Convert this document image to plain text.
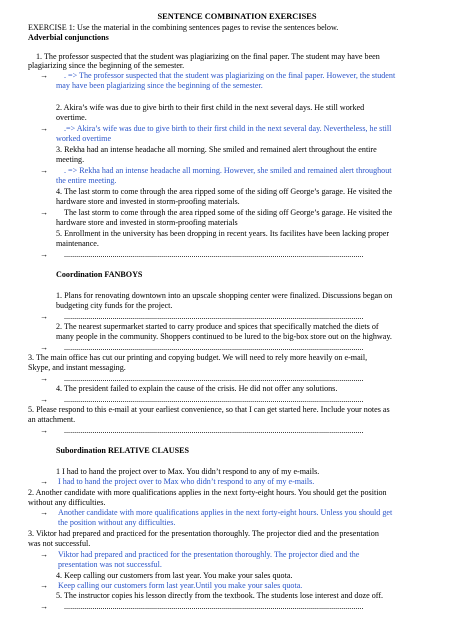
SENTENCE COMBINATION EXERCISES
EXERCISE 1: Use the material in the combining sentences pages to revise the sentences below.
Adverbial conjunctions
1. The professor suspected that the student was plagiarizing on the final paper. The student may have been
plagiarizing since the beginning of the semester.
→ . => The professor suspected that the student was plagiarizing on the final paper. However, the student
may have been plagiarizing since the beginning of the semester.
2. Akira’s wife was due to give birth to their first child in the next several days. He still worked
overtime.
→ .=> Akira’s wife was due to give birth to their first child in the next several day. Nevertheless, he still
worked overtime
3. Rekha had an intense headache all morning. She smiled and remained alert throughout the entire
meeting.
→ . => Rekha had an intense headache all morning. However, she smiled and remained alert throughout
the entire meeting.
4. The last storm to come through the area ripped some of the siding off George’s garage. He visited the
hardware store and invested in storm-proofing materials.
→ The last storm to come through the area ripped some of the siding off George’s garage. He visited the
hardware store and invested in storm-proofing materials
5. Enrollment in the university has been dropping in recent years. Its facilites have been lacking proper
maintenance.
→ ....................................................................................................................................................
Coordination FANBOYS
1. Plans for renovating downtown into an upscale shopping center were finalized. Discussions began on
budgeting city funds for the project.
→ ....................................................................................................................................................
2. The nearest supermarket started to carry produce and spices that specifically matched the diets of
many people in the community. Shoppers continued to be lured to the big-box store out on the highway.
→ ....................................................................................................................................................
3. The main office has cut our printing and copying budget. We will need to rely more heavily on e-mail,
Skype, and instant messaging.
→ ....................................................................................................................................................
4. The president failed to explain the cause of the crisis. He did not offer any solutions.
→ ....................................................................................................................................................
5. Please respond to this e-mail at your earliest convenience, so that I can get started here. Include your notes as
an attachment.
→ ....................................................................................................................................................
Subordination RELATIVE CLAUSES
1 I had to hand the project over to Max. You didn’t respond to any of my e-mails.
→ I had to hand the project over to Max who didn’t respond to any of my e-mails.
2. Another candidate with more qualifications applies in the next forty-eight hours. You should get the position
without any difficulties.
→ Another candidate with more qualifications applies in the next forty-eight hours. Unless you should get
the position without any difficulties.
3. Viktor had prepared and practiced for the presentation thoroughly. The projector died and the presentation
was not successful.
→ Viktor had prepared and practiced for the presentation thoroughly. The projector died and the
presentation was not successful.
4. Keep calling our customers from last year. You make your sales quota.
→ Keep calling our customers form last year.Until you make your sales quota.
5. The instructor copies his lesson directly from the textbook. The students lose interest and doze off.
→ ....................................................................................................................................................
